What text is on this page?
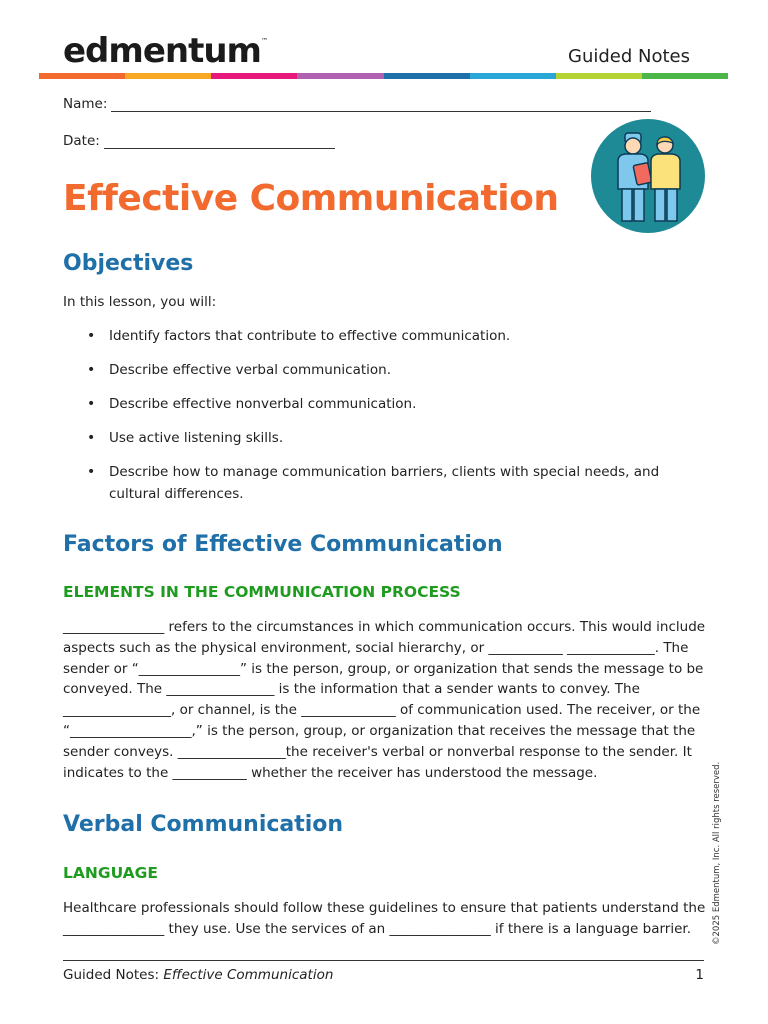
edmentum™
Guided Notes
Name:
Date:
Effective Communication
Objectives

In this lesson, you will:

• Identify factors that contribute to effective communication.
• Describe effective verbal communication.
• Describe effective nonverbal communication.
• Use active listening skills.
• Describe how to manage communication barriers, clients with special needs, and cultural differences.
Factors of Effective Communication
ELEMENTS IN THE COMMUNICATION PROCESS

_______________ refers to the circumstances in which communication occurs. This would include aspects such as the physical environment, social hierarchy, or ___________ _____________. The sender or “_______________” is the person, group, or organization that sends the message to be conveyed. The ________________ is the information that a sender wants to convey. The ________________, or channel, is the ______________ of communication used. The receiver, or the “__________________,” is the person, group, or organization that receives the message that the sender conveys. ________________the receiver's verbal or nonverbal response to the sender. It indicates to the ___________ whether the receiver has understood the message.

Verbal Communication
LANGUAGE

Healthcare professionals should follow these guidelines to ensure that patients understand the _______________ they use. Use the services of an _______________ if there is a language barrier.	©2025 Edmentum, Inc. All rights reserved.
Guided Notes: Effective Communication	1
